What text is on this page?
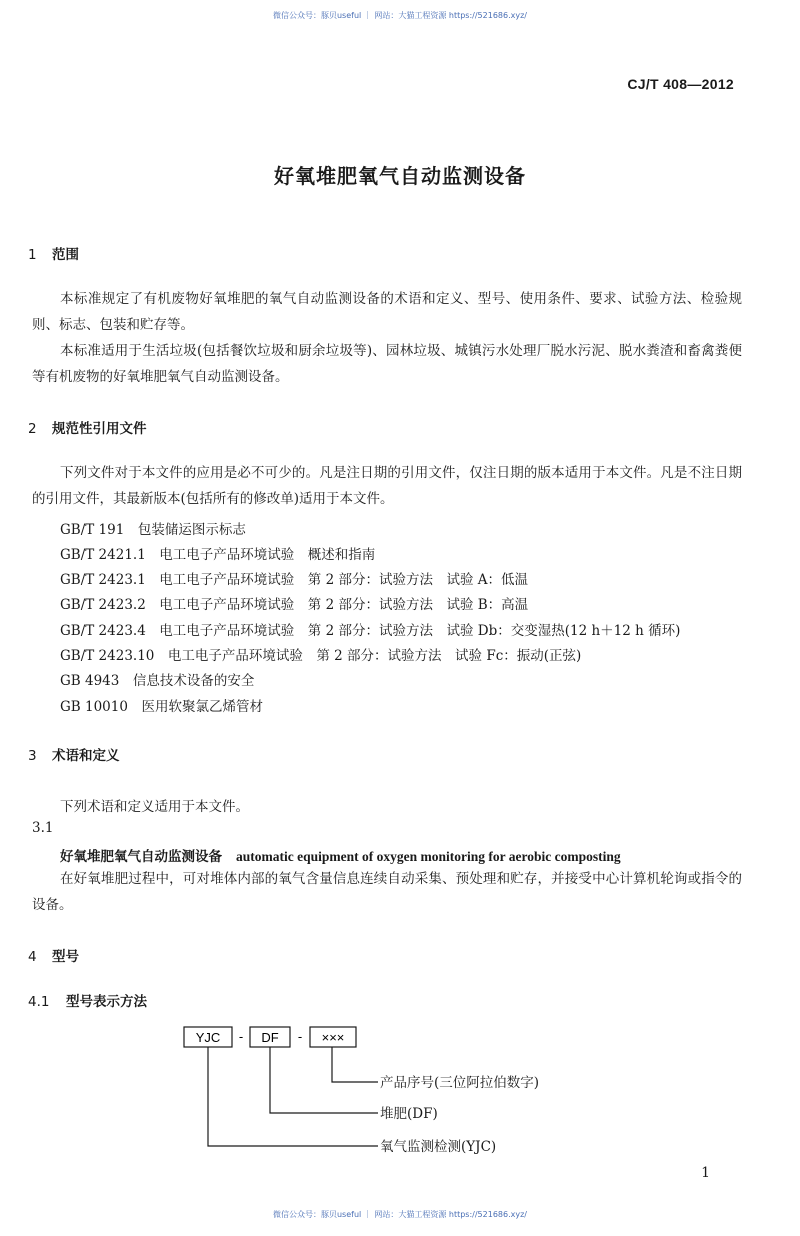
微信公众号：豚贝useful ｜ 网站：大猫工程资源 https://521686.xyz/
CJ/T 408—2012
好氧堆肥氧气自动监测设备
1 范围
本标准规定了有机废物好氧堆肥的氧气自动监测设备的术语和定义、型号、使用条件、要求、试验方法、检验规则、标志、包装和贮存等。
本标准适用于生活垃圾(包括餐饮垃圾和厨余垃圾等)、园林垃圾、城镇污水处理厂脱水污泥、脱水粪渣和畜禽粪便等有机废物的好氧堆肥氧气自动监测设备。
2 规范性引用文件
下列文件对于本文件的应用是必不可少的。凡是注日期的引用文件，仅注日期的版本适用于本文件。凡是不注日期的引用文件，其最新版本(包括所有的修改单)适用于本文件。
GB/T 191　包装储运图示标志
GB/T 2421.1　电工电子产品环境试验　概述和指南
GB/T 2423.1　电工电子产品环境试验　第 2 部分：试验方法　试验 A：低温
GB/T 2423.2　电工电子产品环境试验　第 2 部分：试验方法　试验 B：高温
GB/T 2423.4　电工电子产品环境试验　第 2 部分：试验方法　试验 Db：交变湿热(12 h＋12 h 循环)
GB/T 2423.10　电工电子产品环境试验　第 2 部分：试验方法　试验 Fc：振动(正弦)
GB 4943　信息技术设备的安全
GB 10010　医用软聚氯乙烯管材
3 术语和定义
下列术语和定义适用于本文件。
3.1
好氧堆肥氧气自动监测设备 automatic equipment of oxygen monitoring for aerobic composting
在好氧堆肥过程中，可对堆体内部的氧气含量信息连续自动采集、预处理和贮存，并接受中心计算机轮询或指令的设备。
4 型号
4.1 型号表示方法
YJC	DF	×××
-	-
产品序号(三位阿拉伯数字)
堆肥(DF)
氧气监测检测(YJC)
1
微信公众号：豚贝useful ｜ 网站：大猫工程资源 https://521686.xyz/
